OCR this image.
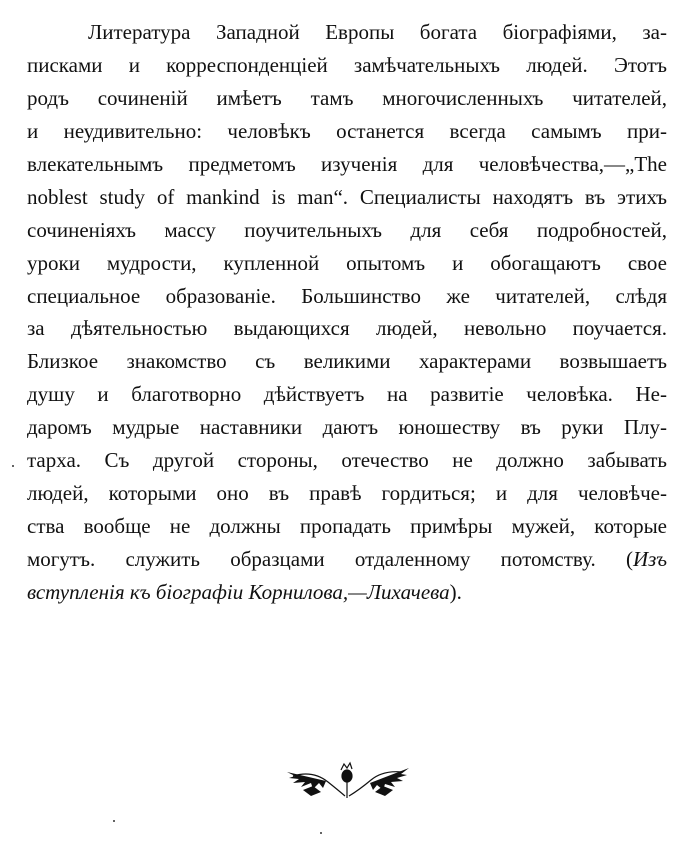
Литература Западной Европы богата біографіями, за-
писками и корреспонденціей замѣчательныхъ людей. Этотъ
родъ сочиненій имѣетъ тамъ многочисленныхъ читателей,
и неудивительно: человѣкъ останется всегда самымъ при-
влекательнымъ предметомъ изученія для человѣчества,—„The
noblest study of mankind is man“. Специалисты находятъ въ этихъ
сочиненіяхъ массу поучительныхъ для себя подробностей,
уроки мудрости, купленной опытомъ и обогащаютъ свое
специальное образованіе. Большинство же читателей, слѣдя
за дѣятельностью выдающихся людей, невольно поучается.
Близкое знакомство съ великими характерами возвышаетъ
душу и благотворно дѣйствуетъ на развитіе человѣка. Не-
даромъ мудрые наставники даютъ юношеству въ руки Плу-
тарха. Съ другой стороны, отечество не должно забывать
людей, которыми оно въ правѣ гордиться; и для человѣче-
ства вообще не должны пропадать примѣры мужей, которые
могутъ. служить образцами отдаленному потомству. (Изъ
вступленія къ біографіи Корнилова,—Лихачева).
